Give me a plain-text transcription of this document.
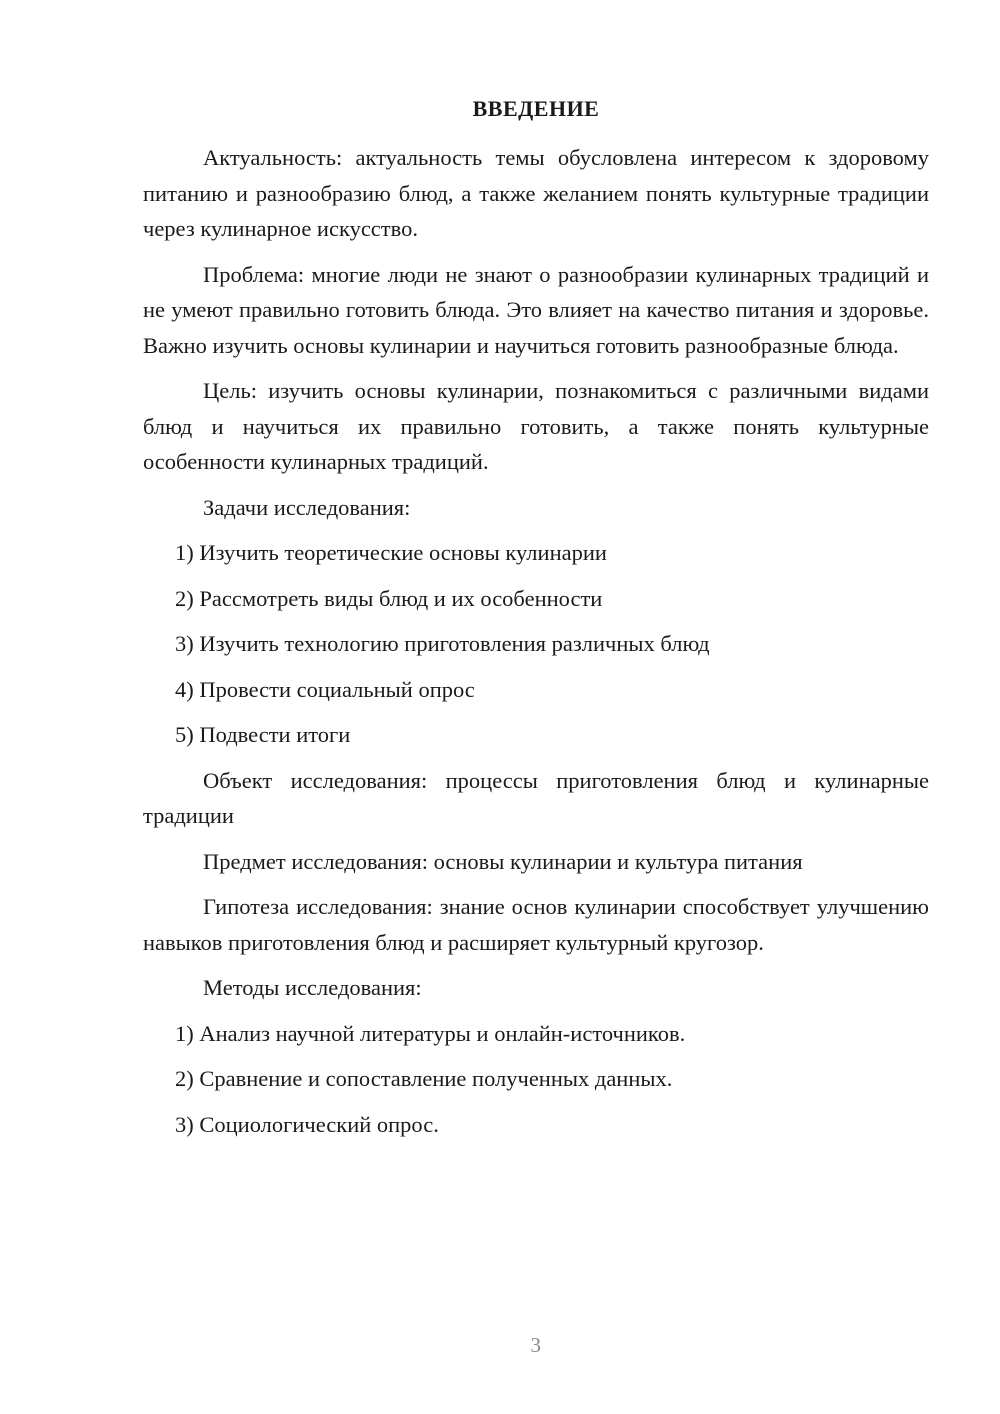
ВВЕДЕНИЕ

Актуальность: актуальность темы обусловлена интересом к здоровому питанию и разнообразию блюд, а также желанием понять культурные традиции через кулинарное искусство.

Проблема: многие люди не знают о разнообразии кулинарных традиций и не умеют правильно готовить блюда. Это влияет на качество питания и здоровье. Важно изучить основы кулинарии и научиться готовить разнообразные блюда.

Цель: изучить основы кулинарии, познакомиться с различными видами блюд и научиться их правильно готовить, а также понять культурные особенности кулинарных традиций.

Задачи исследования:

1) Изучить теоретические основы кулинарии

2) Рассмотреть виды блюд и их особенности

3) Изучить технологию приготовления различных блюд

4) Провести социальный опрос

5) Подвести итоги

Объект исследования: процессы приготовления блюд и кулинарные традиции

Предмет исследования: основы кулинарии и культура питания

Гипотеза исследования: знание основ кулинарии способствует улучшению навыков приготовления блюд и расширяет культурный кругозор.

Методы исследования:

1) Анализ научной литературы и онлайн-источников.

2) Сравнение и сопоставление полученных данных.

3) Социологический опрос.

3
